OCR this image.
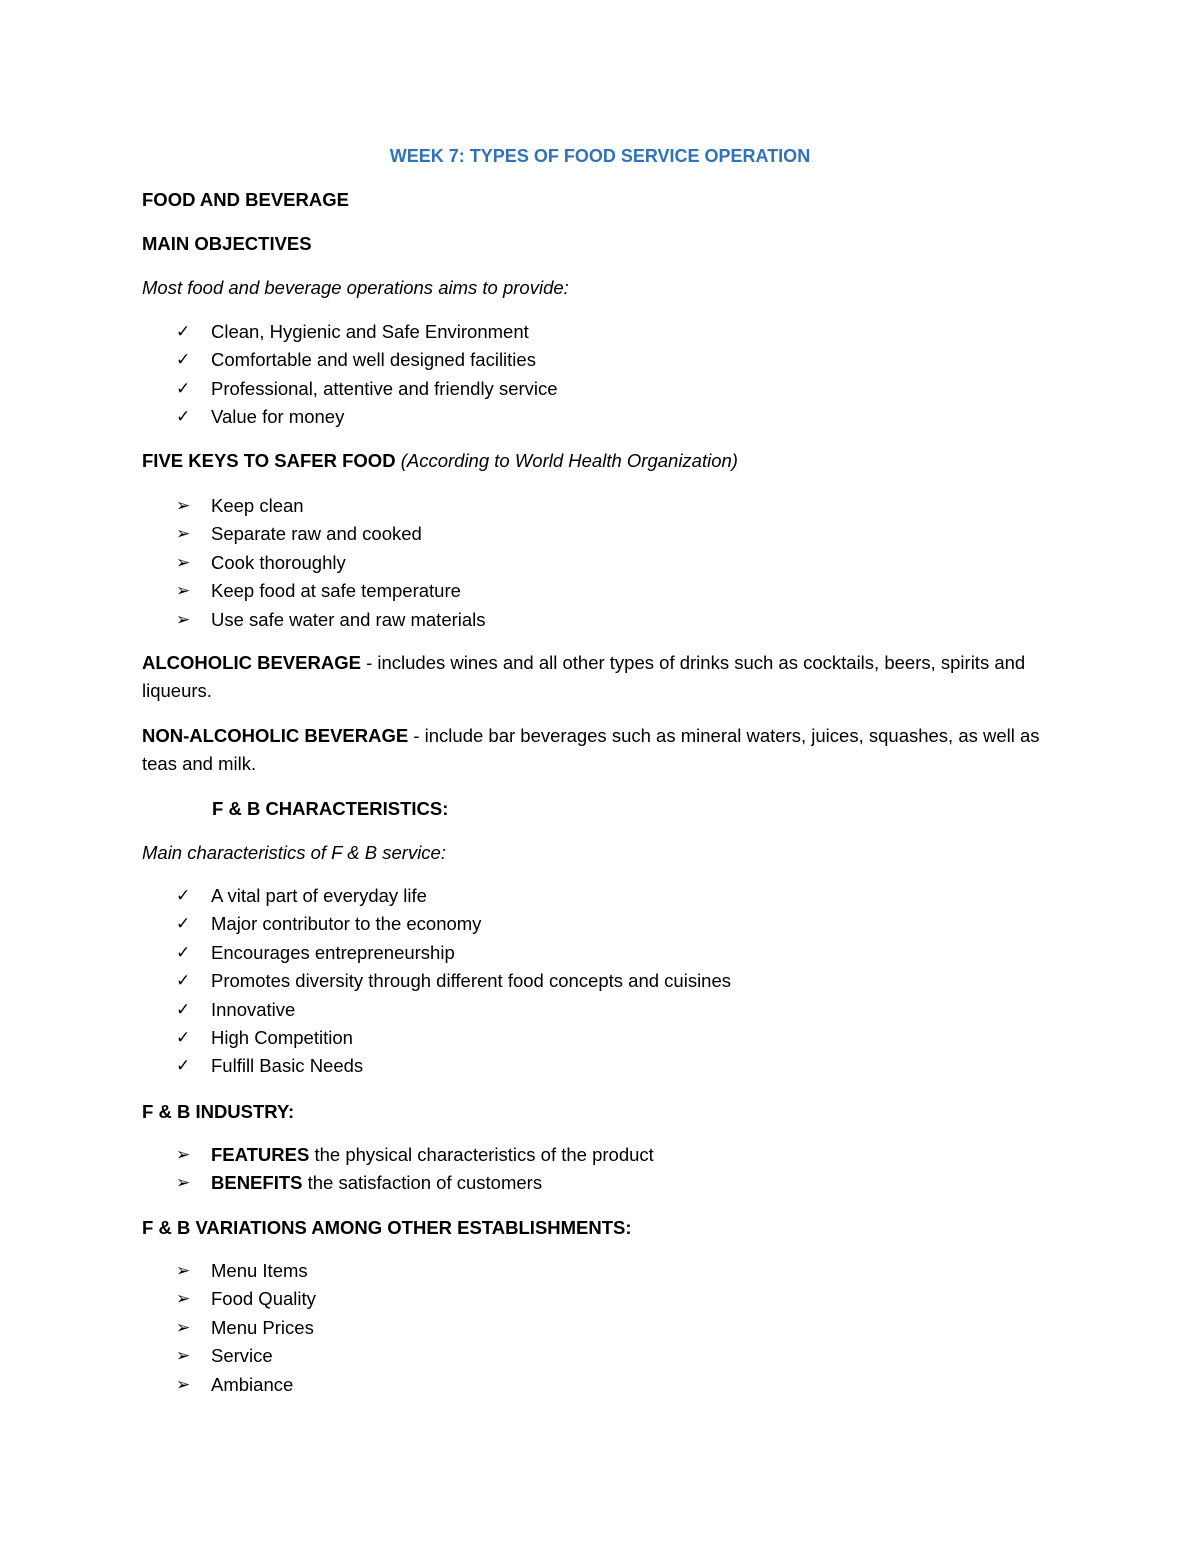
WEEK 7: TYPES OF FOOD SERVICE OPERATION

FOOD AND BEVERAGE

MAIN OBJECTIVES

Most food and beverage operations aims to provide:

✓	Clean, Hygienic and Safe Environment
✓	Comfortable and well designed facilities
✓	Professional, attentive and friendly service
✓	Value for money

FIVE KEYS TO SAFER FOOD (According to World Health Organization)

➢	Keep clean
➢	Separate raw and cooked
➢	Cook thoroughly
➢	Keep food at safe temperature
➢	Use safe water and raw materials

ALCOHOLIC BEVERAGE - includes wines and all other types of drinks such as cocktails, beers, spirits and liqueurs.

NON-ALCOHOLIC BEVERAGE - include bar beverages such as mineral waters, juices, squashes, as well as teas and milk.

F & B CHARACTERISTICS:

Main characteristics of F & B service:

✓	A vital part of everyday life
✓	Major contributor to the economy
✓	Encourages entrepreneurship
✓	Promotes diversity through different food concepts and cuisines
✓	Innovative
✓	High Competition
✓	Fulfill Basic Needs

F & B INDUSTRY:

➢	FEATURES the physical characteristics of the product
➢	BENEFITS the satisfaction of customers

F & B VARIATIONS AMONG OTHER ESTABLISHMENTS:

➢	Menu Items
➢	Food Quality
➢	Menu Prices
➢	Service
➢	Ambiance
